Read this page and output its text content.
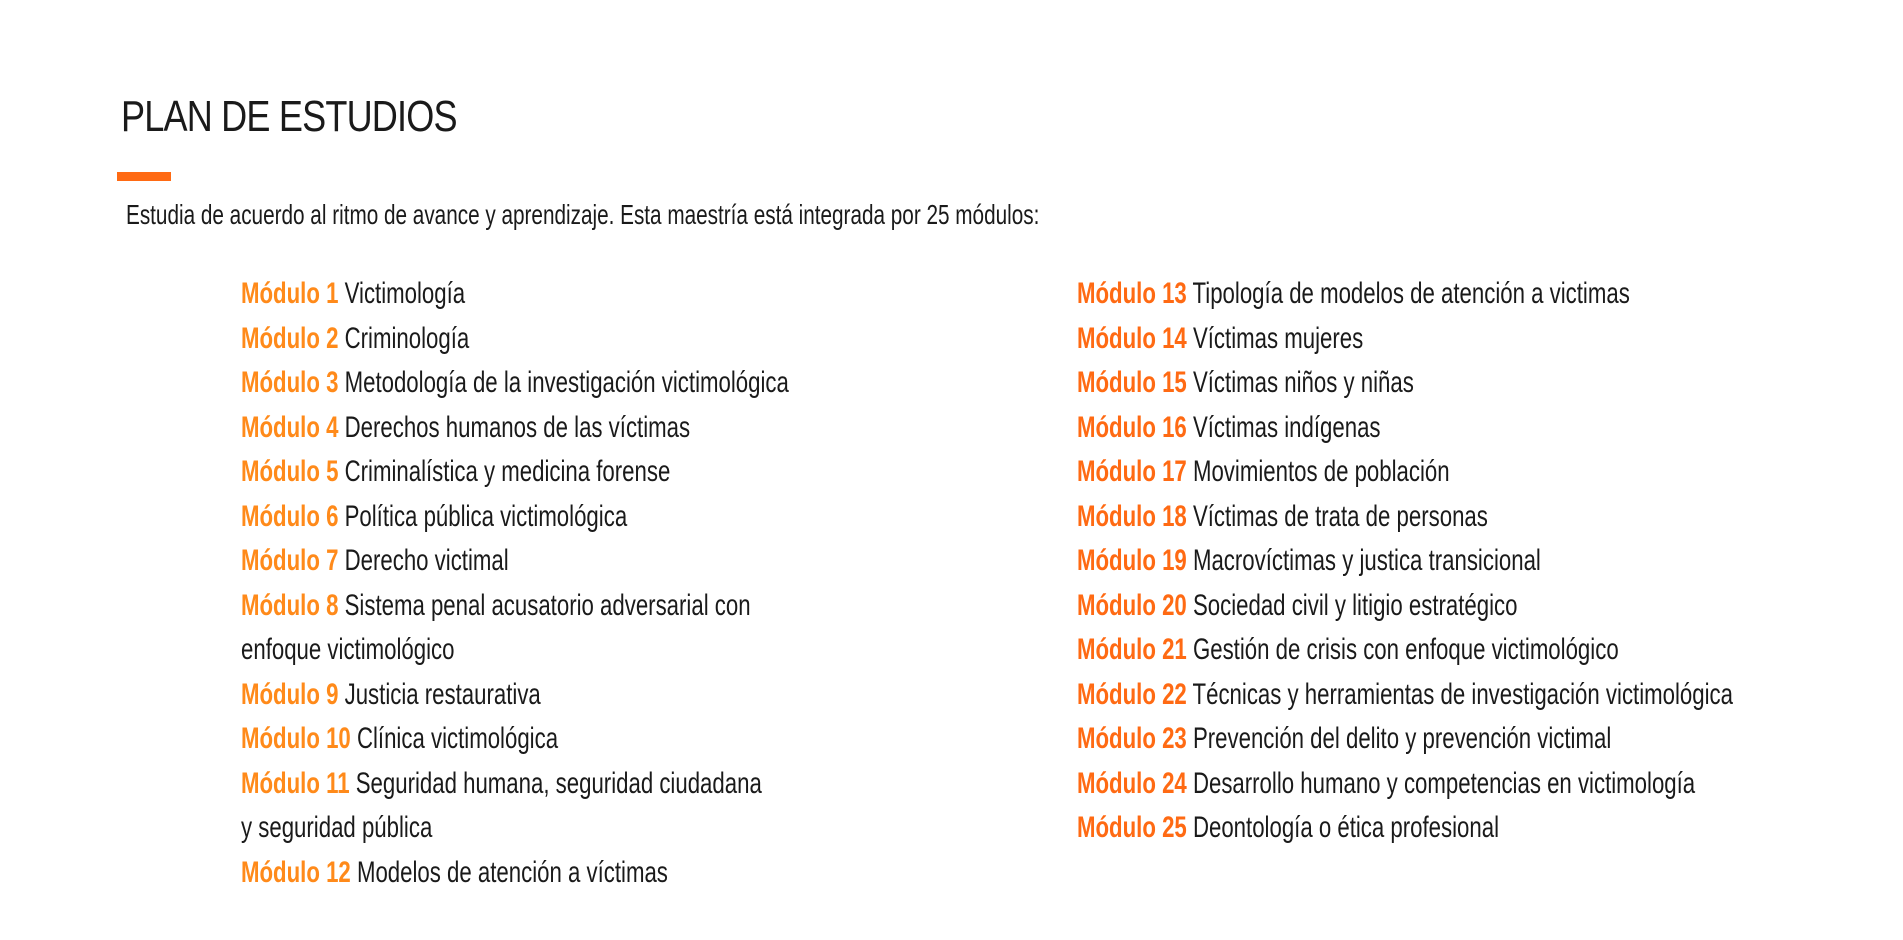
PLAN DE ESTUDIOS

Estudia de acuerdo al ritmo de avance y aprendizaje. Esta maestría está integrada por 25 módulos:

Módulo 1 Victimología
Módulo 2 Criminología
Módulo 3 Metodología de la investigación victimológica
Módulo 4 Derechos humanos de las víctimas
Módulo 5 Criminalística y medicina forense
Módulo 6 Política pública victimológica
Módulo 7 Derecho victimal
Módulo 8 Sistema penal acusatorio adversarial con
enfoque victimológico
Módulo 9 Justicia restaurativa
Módulo 10 Clínica victimológica
Módulo 11 Seguridad humana, seguridad ciudadana
y seguridad pública
Módulo 12 Modelos de atención a víctimas
Módulo 13 Tipología de modelos de atención a victimas
Módulo 14 Víctimas mujeres
Módulo 15 Víctimas niños y niñas
Módulo 16 Víctimas indígenas
Módulo 17 Movimientos de población
Módulo 18 Víctimas de trata de personas
Módulo 19 Macrovíctimas y justica transicional
Módulo 20 Sociedad civil y litigio estratégico
Módulo 21 Gestión de crisis con enfoque victimológico
Módulo 22 Técnicas y herramientas de investigación victimológica
Módulo 23 Prevención del delito y prevención victimal
Módulo 24 Desarrollo humano y competencias en victimología
Módulo 25 Deontología o ética profesional
